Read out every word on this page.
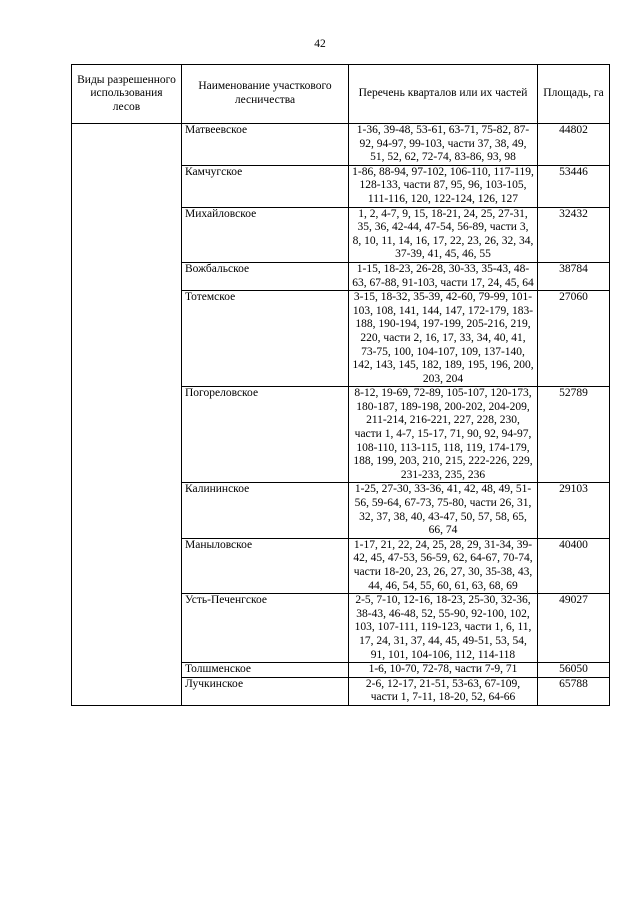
42
Виды разрешенного использования лесов	Наименование участкового лесничества	Перечень кварталов или их частей	Площадь, га
	Матвеевское	1-36, 39-48, 53-61, 63-71, 75-82, 87-92, 94-97, 99-103, части 37, 38, 49, 51, 52, 62, 72-74, 83-86, 93, 98	44802
	Камчугское	1-86, 88-94, 97-102, 106-110, 117-119, 128-133, части 87, 95, 96, 103-105, 111-116, 120, 122-124, 126, 127	53446
	Михайловское	1, 2, 4-7, 9, 15, 18-21, 24, 25, 27-31, 35, 36, 42-44, 47-54, 56-89, части 3, 8, 10, 11, 14, 16, 17, 22, 23, 26, 32, 34, 37-39, 41, 45, 46, 55	32432
	Вожбальское	1-15, 18-23, 26-28, 30-33, 35-43, 48-63, 67-88, 91-103, части 17, 24, 45, 64	38784
	Тотемское	3-15, 18-32, 35-39, 42-60, 79-99, 101-103, 108, 141, 144, 147, 172-179, 183-188, 190-194, 197-199, 205-216, 219, 220, части 2, 16, 17, 33, 34, 40, 41, 73-75, 100, 104-107, 109, 137-140, 142, 143, 145, 182, 189, 195, 196, 200, 203, 204	27060
	Погореловское	8-12, 19-69, 72-89, 105-107, 120-173, 180-187, 189-198, 200-202, 204-209, 211-214, 216-221, 227, 228, 230, части 1, 4-7, 15-17, 71, 90, 92, 94-97, 108-110, 113-115, 118, 119, 174-179, 188, 199, 203, 210, 215, 222-226, 229, 231-233, 235, 236	52789
	Калининское	1-25, 27-30, 33-36, 41, 42, 48, 49, 51-56, 59-64, 67-73, 75-80, части 26, 31, 32, 37, 38, 40, 43-47, 50, 57, 58, 65, 66, 74	29103
	Маныловское	1-17, 21, 22, 24, 25, 28, 29, 31-34, 39-42, 45, 47-53, 56-59, 62, 64-67, 70-74, части 18-20, 23, 26, 27, 30, 35-38, 43, 44, 46, 54, 55, 60, 61, 63, 68, 69	40400
	Усть-Печенгское	2-5, 7-10, 12-16, 18-23, 25-30, 32-36, 38-43, 46-48, 52, 55-90, 92-100, 102, 103, 107-111, 119-123, части 1, 6, 11, 17, 24, 31, 37, 44, 45, 49-51, 53, 54, 91, 101, 104-106, 112, 114-118	49027
	Толшменское	1-6, 10-70, 72-78, части 7-9, 71	56050
	Лучкинское	2-6, 12-17, 21-51, 53-63, 67-109, части 1, 7-11, 18-20, 52, 64-66	65788
